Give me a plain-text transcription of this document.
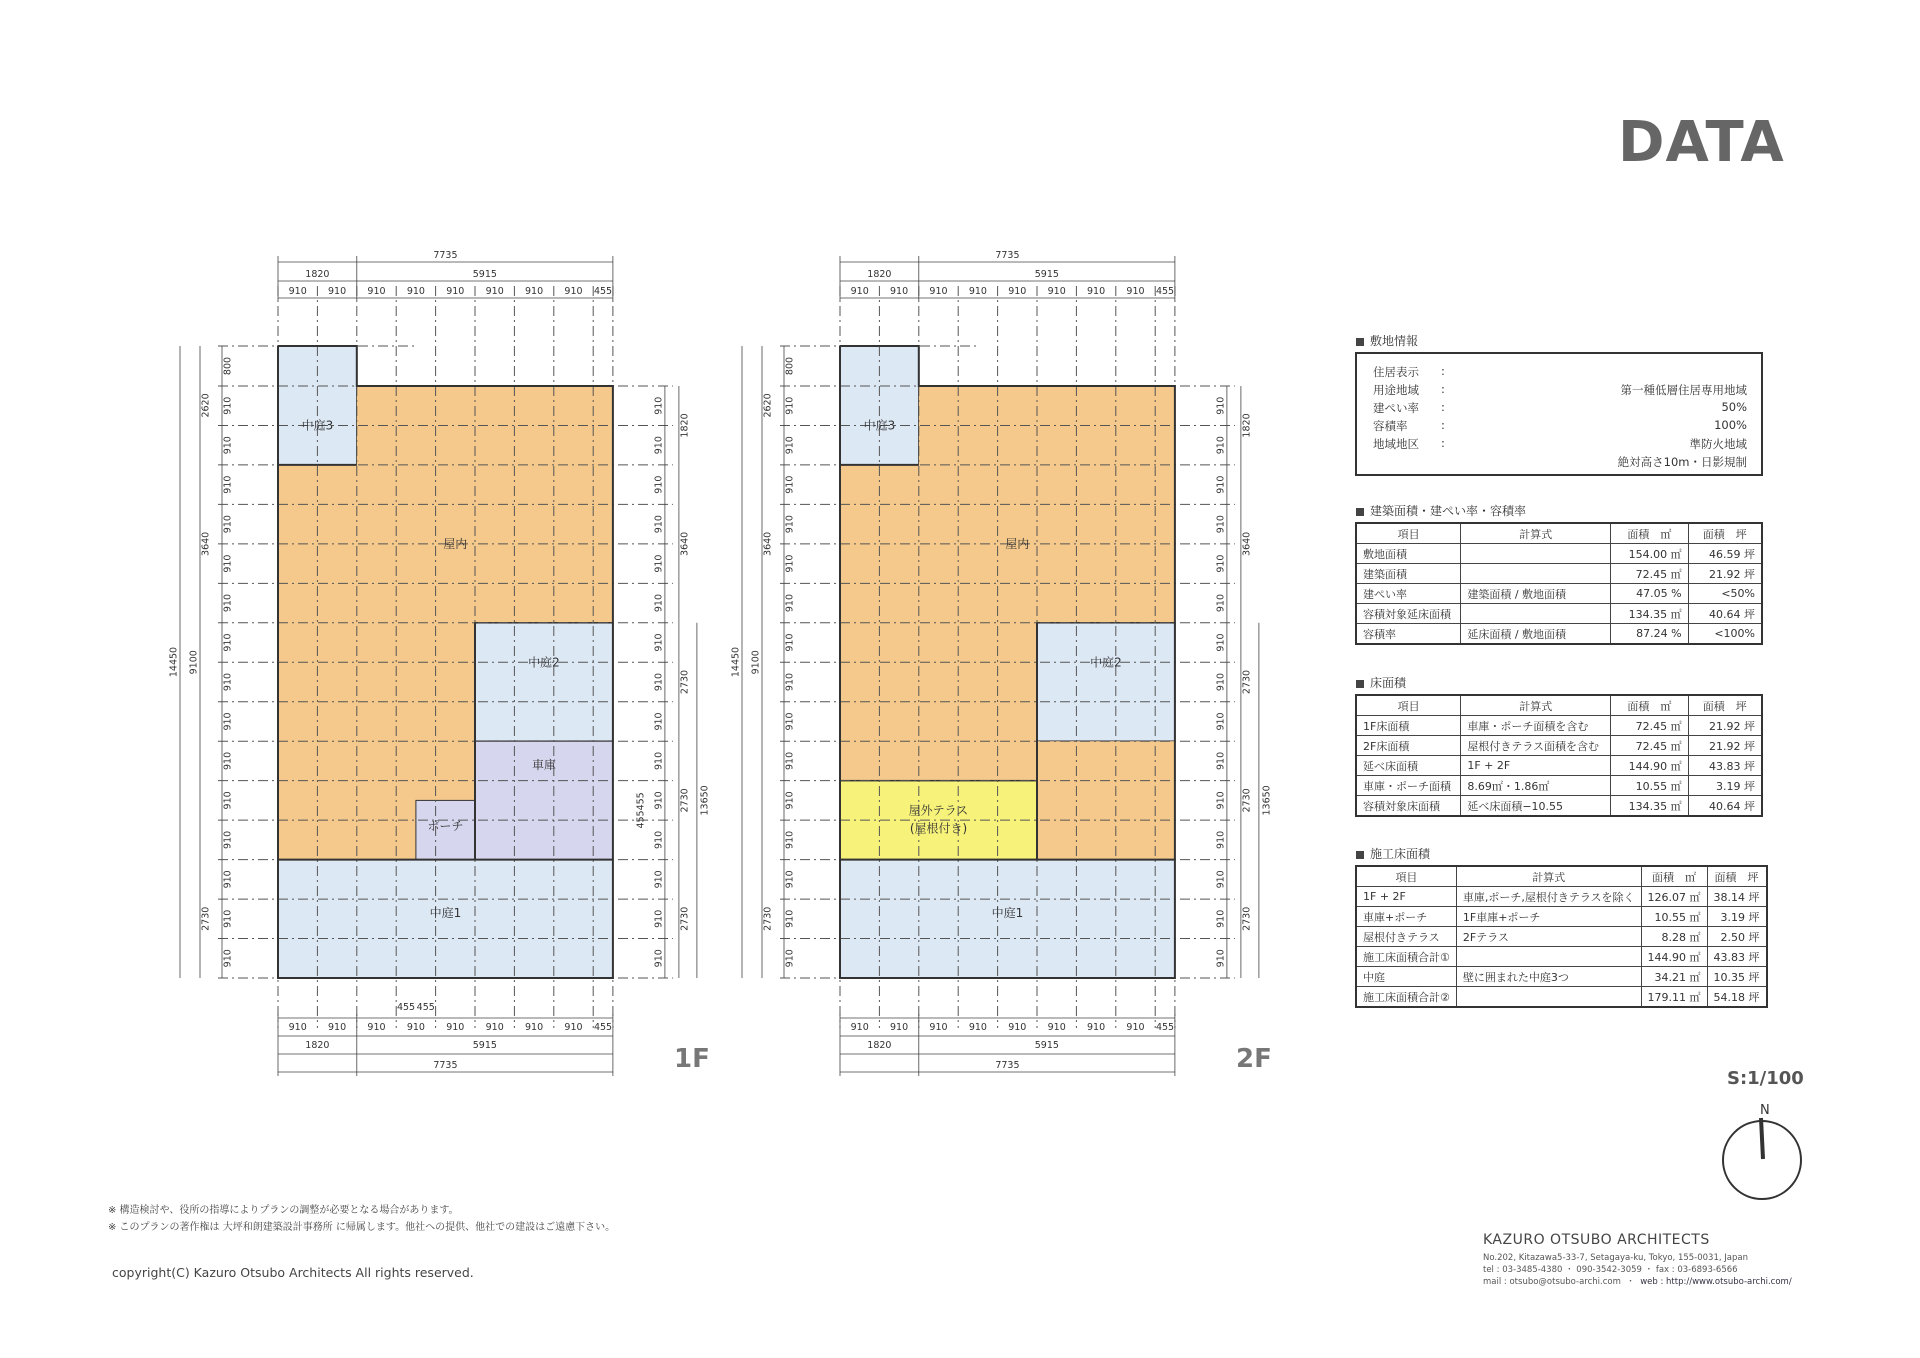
DATA
中庭3
屋内
中庭2
中庭1
車庫
ポーチ
7735
1820	5915
910 910 910 910 910 910 910 910 455
910 910 910 910 910 910 910 910 455
1820	5915
7735
455 455
14450
2620
3640
9100
2730
800
910
910
910
910
910
910
910
910
910
910
910
910
910
910
910
910
910
910
910
910
910
910
910
910
910
910
910
910
910
910
1820
3640
2730
2730
2730
13650
455455
中庭3
屋内
中庭2
中庭1
屋外テラス
(屋根付き)
7735
1820	5915
910 910 910 910 910 910 910 910 455
910 910 910 910 910 910 910 910 455
1820	5915
7735
14450
2620
3640
9100
2730
800
910
910
910
910
910
910
910
910
910
910
910
910
910
910
910
910
910
910
910
910
910
910
910
910
910
910
910
910
910
910
1820
3640
2730
2730
2730
13650
1F	2F
敷地情報
住居表示 :
用途地域 :	第一種低層住居専用地域
建ぺい率 :	50%
容積率	:	100%
地域地区 :	準防火地域
絶対高さ10m・日影規制
建築面積・建ぺい率・容積率
項目	計算式	面積　㎡	面積　坪
敷地面積		154.00 ㎡	46.59 坪
建築面積		72.45 ㎡	21.92 坪
建ぺい率	建築面積 / 敷地面積	47.05 %	<50%
容積対象延床面積		134.35 ㎡	40.64 坪
容積率	延床面積 / 敷地面積	87.24 %	<100%
床面積
項目	計算式	面積　㎡	面積　坪
1F床面積	車庫・ポーチ面積を含む	72.45 ㎡	21.92 坪
2F床面積	屋根付きテラス面積を含む	72.45 ㎡	21.92 坪
延べ床面積	1F + 2F	144.90 ㎡	43.83 坪
車庫・ポーチ面積	8.69㎡・1.86㎡	10.55 ㎡	3.19 坪
容積対象床面積	延べ床面積−10.55	134.35 ㎡	40.64 坪
施工床面積
項目	計算式	面積　㎡	面積　坪
1F + 2F	車庫,ポーチ,屋根付きテラスを除く	126.07 ㎡	38.14 坪
車庫+ポーチ	1F車庫+ポーチ	10.55 ㎡	3.19 坪
屋根付きテラス	2Fテラス	8.28 ㎡	2.50 坪
施工床面積合計①		144.90 ㎡	43.83 坪
中庭	壁に囲まれた中庭3つ	34.21 ㎡	10.35 坪
施工床面積合計②		179.11 ㎡	54.18 坪
S:1/100
N
※ 構造検討や、役所の指導によりプランの調整が必要となる場合があります。
※ このプランの著作権は 大坪和朗建築設計事務所 に帰属します。他社への提供、他社での建設はご遠慮下さい。
copyright(C) Kazuro Otsubo Architects All rights reserved.
KAZURO OTSUBO ARCHITECTS
No.202, Kitazawa5-33-7, Setagaya-ku, Tokyo, 155-0031, Japan
tel : 03-3485-4380 ・ 090-3542-3059 ・ fax : 03-6893-6566
mail : otsubo@otsubo-archi.com  ・  web : http://www.otsubo-archi.com/
